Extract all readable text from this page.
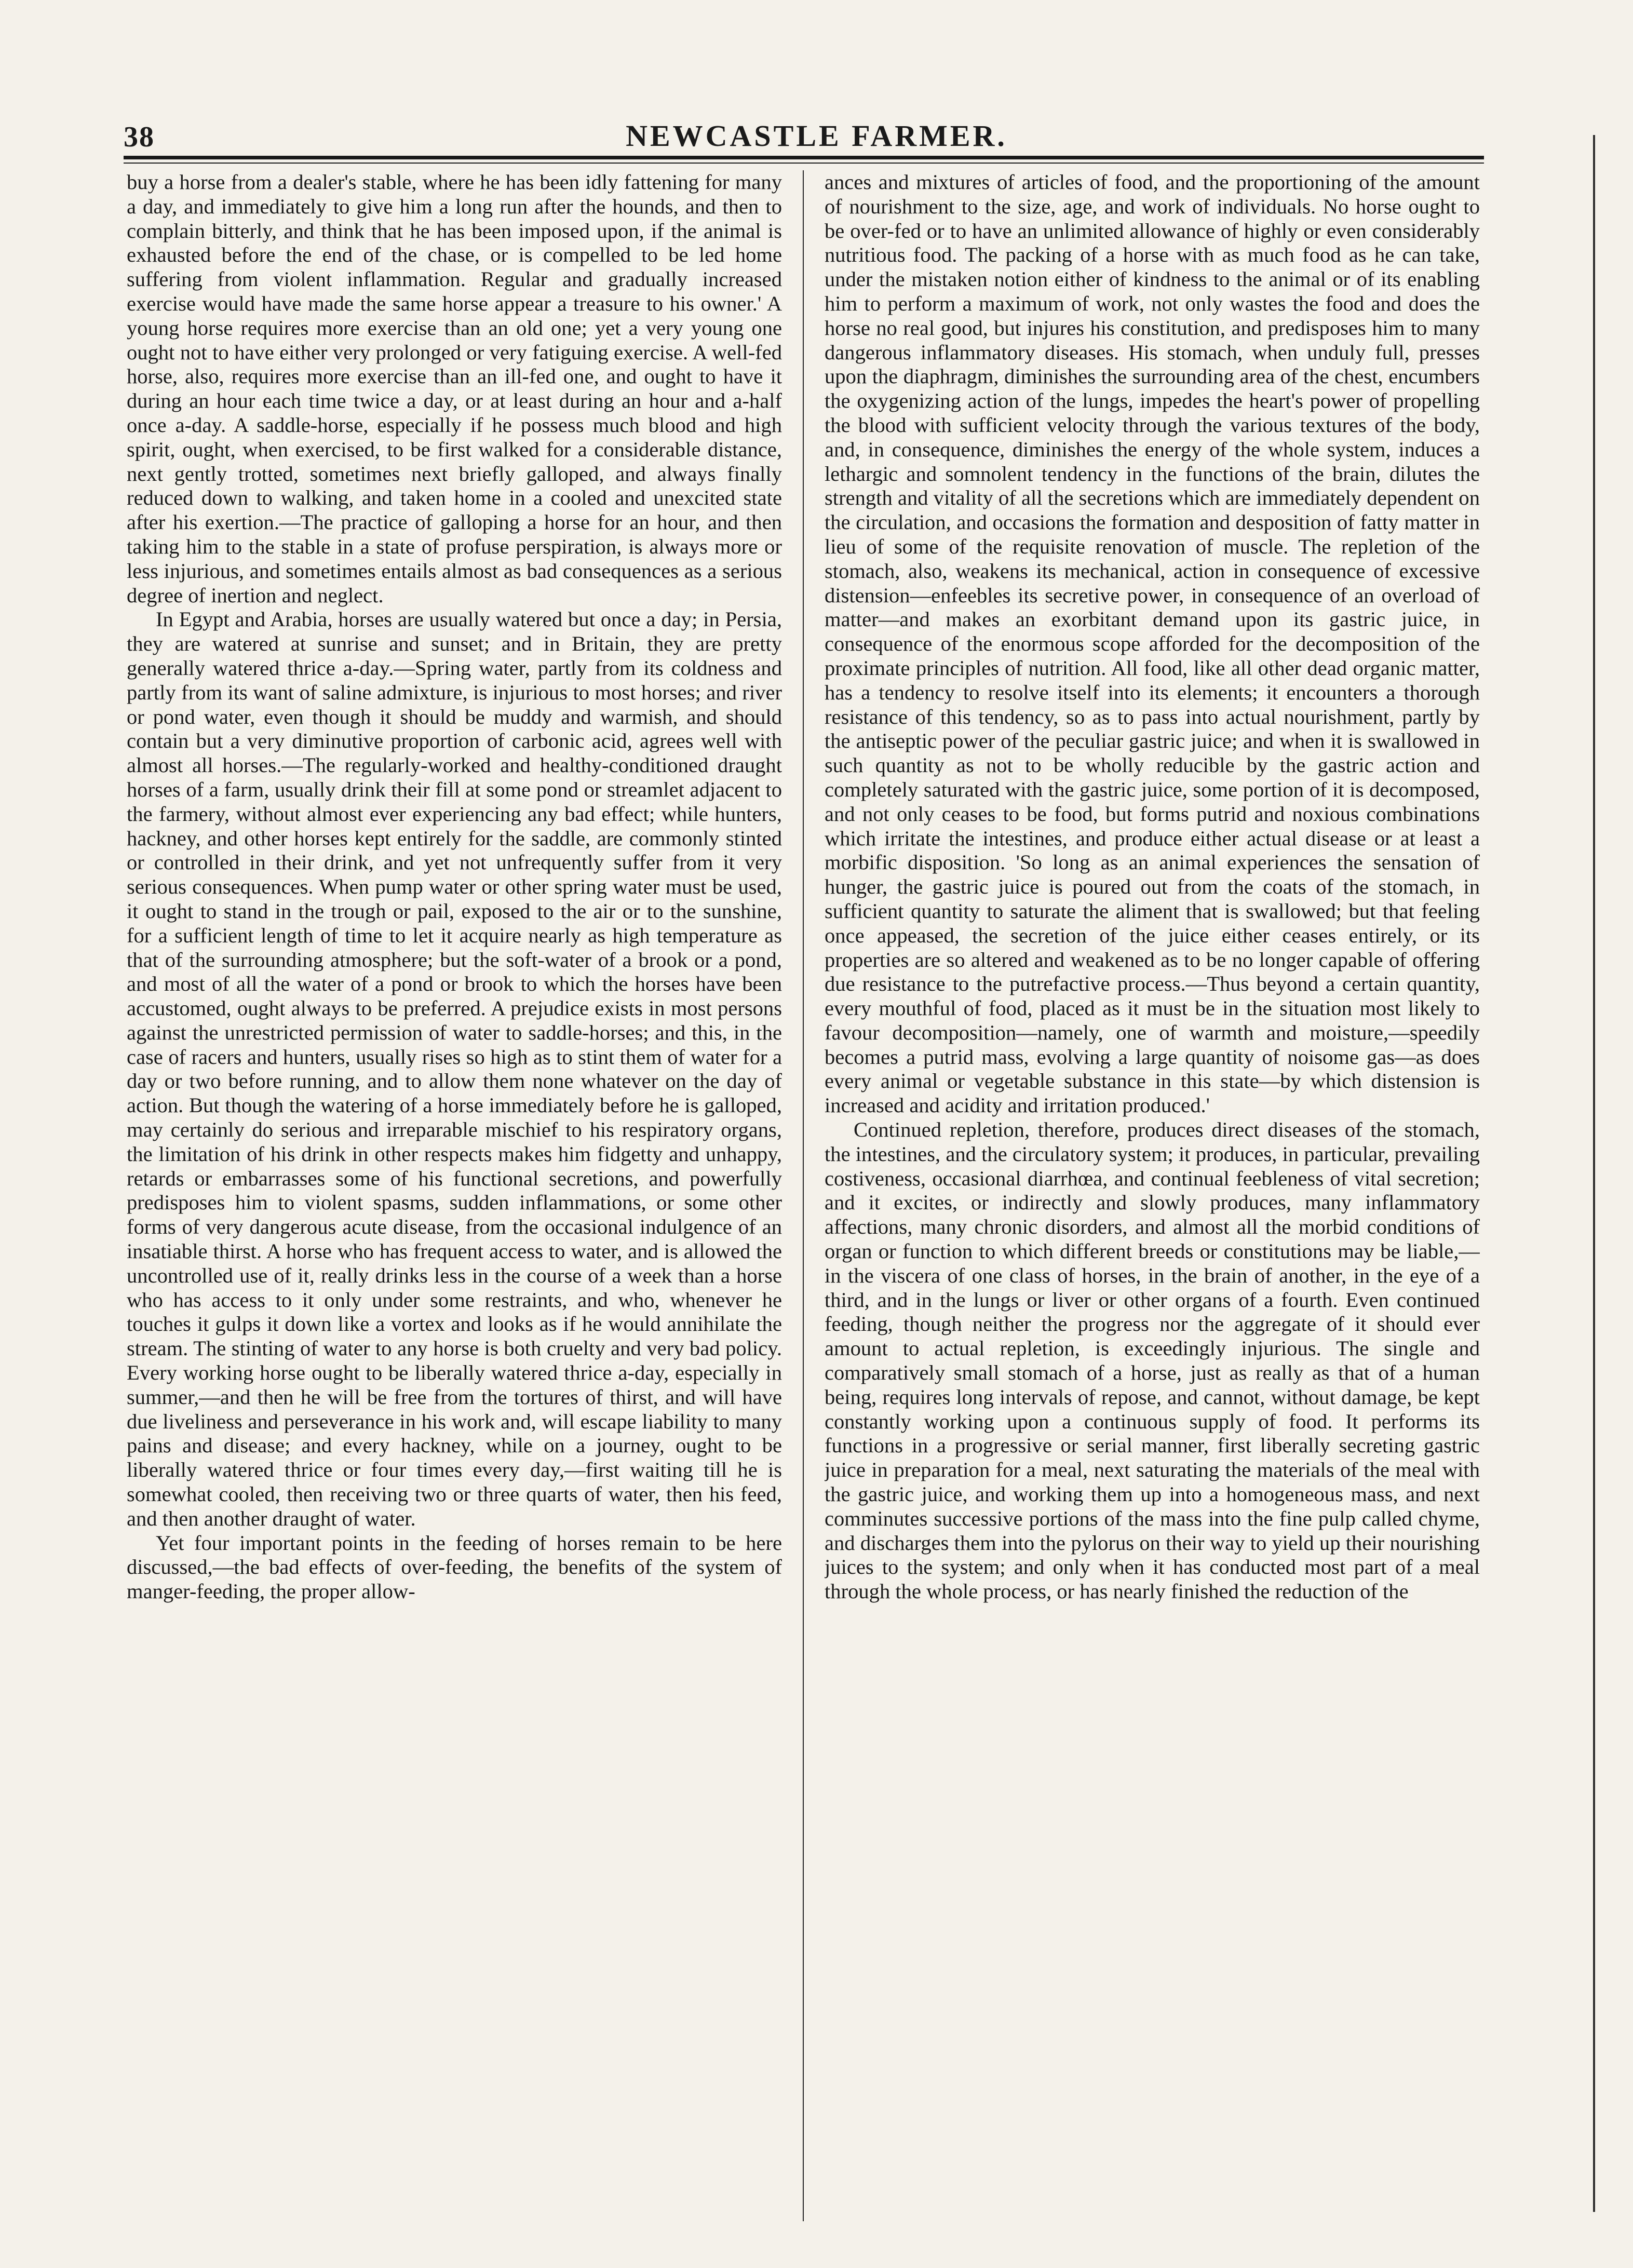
38	NEWCASTLE FARMER.

buy a horse from a dealer's stable, where he has been idly fattening for many a day, and immediately to give him a long run after the hounds, and then to complain bitterly, and think that he has been imposed upon, if the animal is exhausted before the end of the chase, or is compelled to be led home suffering from violent inflammation. Regular and gradually increased exercise would have made the same horse appear a treasure to his owner.' A young horse requires more exercise than an old one; yet a very young one ought not to have either very prolonged or very fatiguing exercise. A well-fed horse, also, requires more exercise than an ill-fed one, and ought to have it during an hour each time twice a day, or at least during an hour and a-half once a-day. A saddle-horse, especially if he possess much blood and high spirit, ought, when exercised, to be first walked for a considerable distance, next gently trotted, sometimes next briefly galloped, and always finally reduced down to walking, and taken home in a cooled and unexcited state after his exertion.—The practice of galloping a horse for an hour, and then taking him to the stable in a state of profuse perspiration, is always more or less injurious, and sometimes entails almost as bad consequences as a serious degree of inertion and neglect.

In Egypt and Arabia, horses are usually watered but once a day; in Persia, they are watered at sunrise and sunset; and in Britain, they are pretty generally watered thrice a-day.—Spring water, partly from its coldness and partly from its want of saline admixture, is injurious to most horses; and river or pond water, even though it should be muddy and warmish, and should contain but a very diminutive proportion of carbonic acid, agrees well with almost all horses.—The regularly-worked and healthy-conditioned draught horses of a farm, usually drink their fill at some pond or streamlet adjacent to the farmery, without almost ever experiencing any bad effect; while hunters, hackney, and other horses kept entirely for the saddle, are commonly stinted or controlled in their drink, and yet not unfrequently suffer from it very serious consequences. When pump water or other spring water must be used, it ought to stand in the trough or pail, exposed to the air or to the sunshine, for a sufficient length of time to let it acquire nearly as high temperature as that of the surrounding atmosphere; but the soft-water of a brook or a pond, and most of all the water of a pond or brook to which the horses have been accustomed, ought always to be preferred. A prejudice exists in most persons against the unrestricted permission of water to saddle-horses; and this, in the case of racers and hunters, usually rises so high as to stint them of water for a day or two before running, and to allow them none whatever on the day of action. But though the watering of a horse immediately before he is galloped, may certainly do serious and irreparable mischief to his respiratory organs, the limitation of his drink in other respects makes him fidgetty and unhappy, retards or embarrasses some of his functional secretions, and powerfully predisposes him to violent spasms, sudden inflammations, or some other forms of very dangerous acute disease, from the occasional indulgence of an insatiable thirst. A horse who has frequent access to water, and is allowed the uncontrolled use of it, really drinks less in the course of a week than a horse who has access to it only under some restraints, and who, whenever he touches it gulps it down like a vortex and looks as if he would annihilate the stream. The stinting of water to any horse is both cruelty and very bad policy. Every working horse ought to be liberally watered thrice a-day, especially in summer,—and then he will be free from the tortures of thirst, and will have due liveliness and perseverance in his work and, will escape liability to many pains and disease; and every hackney, while on a journey, ought to be liberally watered thrice or four times every day,—first waiting till he is somewhat cooled, then receiving two or three quarts of water, then his feed, and then another draught of water.

Yet four important points in the feeding of horses remain to be here discussed,—the bad effects of over-feeding, the benefits of the system of manger-feeding, the proper allow-

ances and mixtures of articles of food, and the proportioning of the amount of nourishment to the size, age, and work of individuals. No horse ought to be over-fed or to have an unlimited allowance of highly or even considerably nutritious food. The packing of a horse with as much food as he can take, under the mistaken notion either of kindness to the animal or of its enabling him to perform a maximum of work, not only wastes the food and does the horse no real good, but injures his constitution, and predisposes him to many dangerous inflammatory diseases. His stomach, when unduly full, presses upon the diaphragm, diminishes the surrounding area of the chest, encumbers the oxygenizing action of the lungs, impedes the heart's power of propelling the blood with sufficient velocity through the various textures of the body, and, in consequence, diminishes the energy of the whole system, induces a lethargic and somnolent tendency in the functions of the brain, dilutes the strength and vitality of all the secretions which are immediately dependent on the circulation, and occasions the formation and desposition of fatty matter in lieu of some of the requisite renovation of muscle. The repletion of the stomach, also, weakens its mechanical, action in consequence of excessive distension—enfeebles its secretive power, in consequence of an overload of matter—and makes an exorbitant demand upon its gastric juice, in consequence of the enormous scope afforded for the decomposition of the proximate principles of nutrition. All food, like all other dead organic matter, has a tendency to resolve itself into its elements; it encounters a thorough resistance of this tendency, so as to pass into actual nourishment, partly by the antiseptic power of the peculiar gastric juice; and when it is swallowed in such quantity as not to be wholly reducible by the gastric action and completely saturated with the gastric juice, some portion of it is decomposed, and not only ceases to be food, but forms putrid and noxious combinations which irritate the intestines, and produce either actual disease or at least a morbific disposition. 'So long as an animal experiences the sensation of hunger, the gastric juice is poured out from the coats of the stomach, in sufficient quantity to saturate the aliment that is swallowed; but that feeling once appeased, the secretion of the juice either ceases entirely, or its properties are so altered and weakened as to be no longer capable of offering due resistance to the putrefactive process.—Thus beyond a certain quantity, every mouthful of food, placed as it must be in the situation most likely to favour decomposition—namely, one of warmth and moisture,—speedily becomes a putrid mass, evolving a large quantity of noisome gas—as does every animal or vegetable substance in this state—by which distension is increased and acidity and irritation produced.'

Continued repletion, therefore, produces direct diseases of the stomach, the intestines, and the circulatory system; it produces, in particular, prevailing costiveness, occasional diarrhœa, and continual feebleness of vital secretion; and it excites, or indirectly and slowly produces, many inflammatory affections, many chronic disorders, and almost all the morbid conditions of organ or function to which different breeds or constitutions may be liable,—in the viscera of one class of horses, in the brain of another, in the eye of a third, and in the lungs or liver or other organs of a fourth. Even continued feeding, though neither the progress nor the aggregate of it should ever amount to actual repletion, is exceedingly injurious. The single and comparatively small stomach of a horse, just as really as that of a human being, requires long intervals of repose, and cannot, without damage, be kept constantly working upon a continuous supply of food. It performs its functions in a progressive or serial manner, first liberally secreting gastric juice in preparation for a meal, next saturating the materials of the meal with the gastric juice, and working them up into a homogeneous mass, and next comminutes successive portions of the mass into the fine pulp called chyme, and discharges them into the pylorus on their way to yield up their nourishing juices to the system; and only when it has conducted most part of a meal through the whole process, or has nearly finished the reduction of the
